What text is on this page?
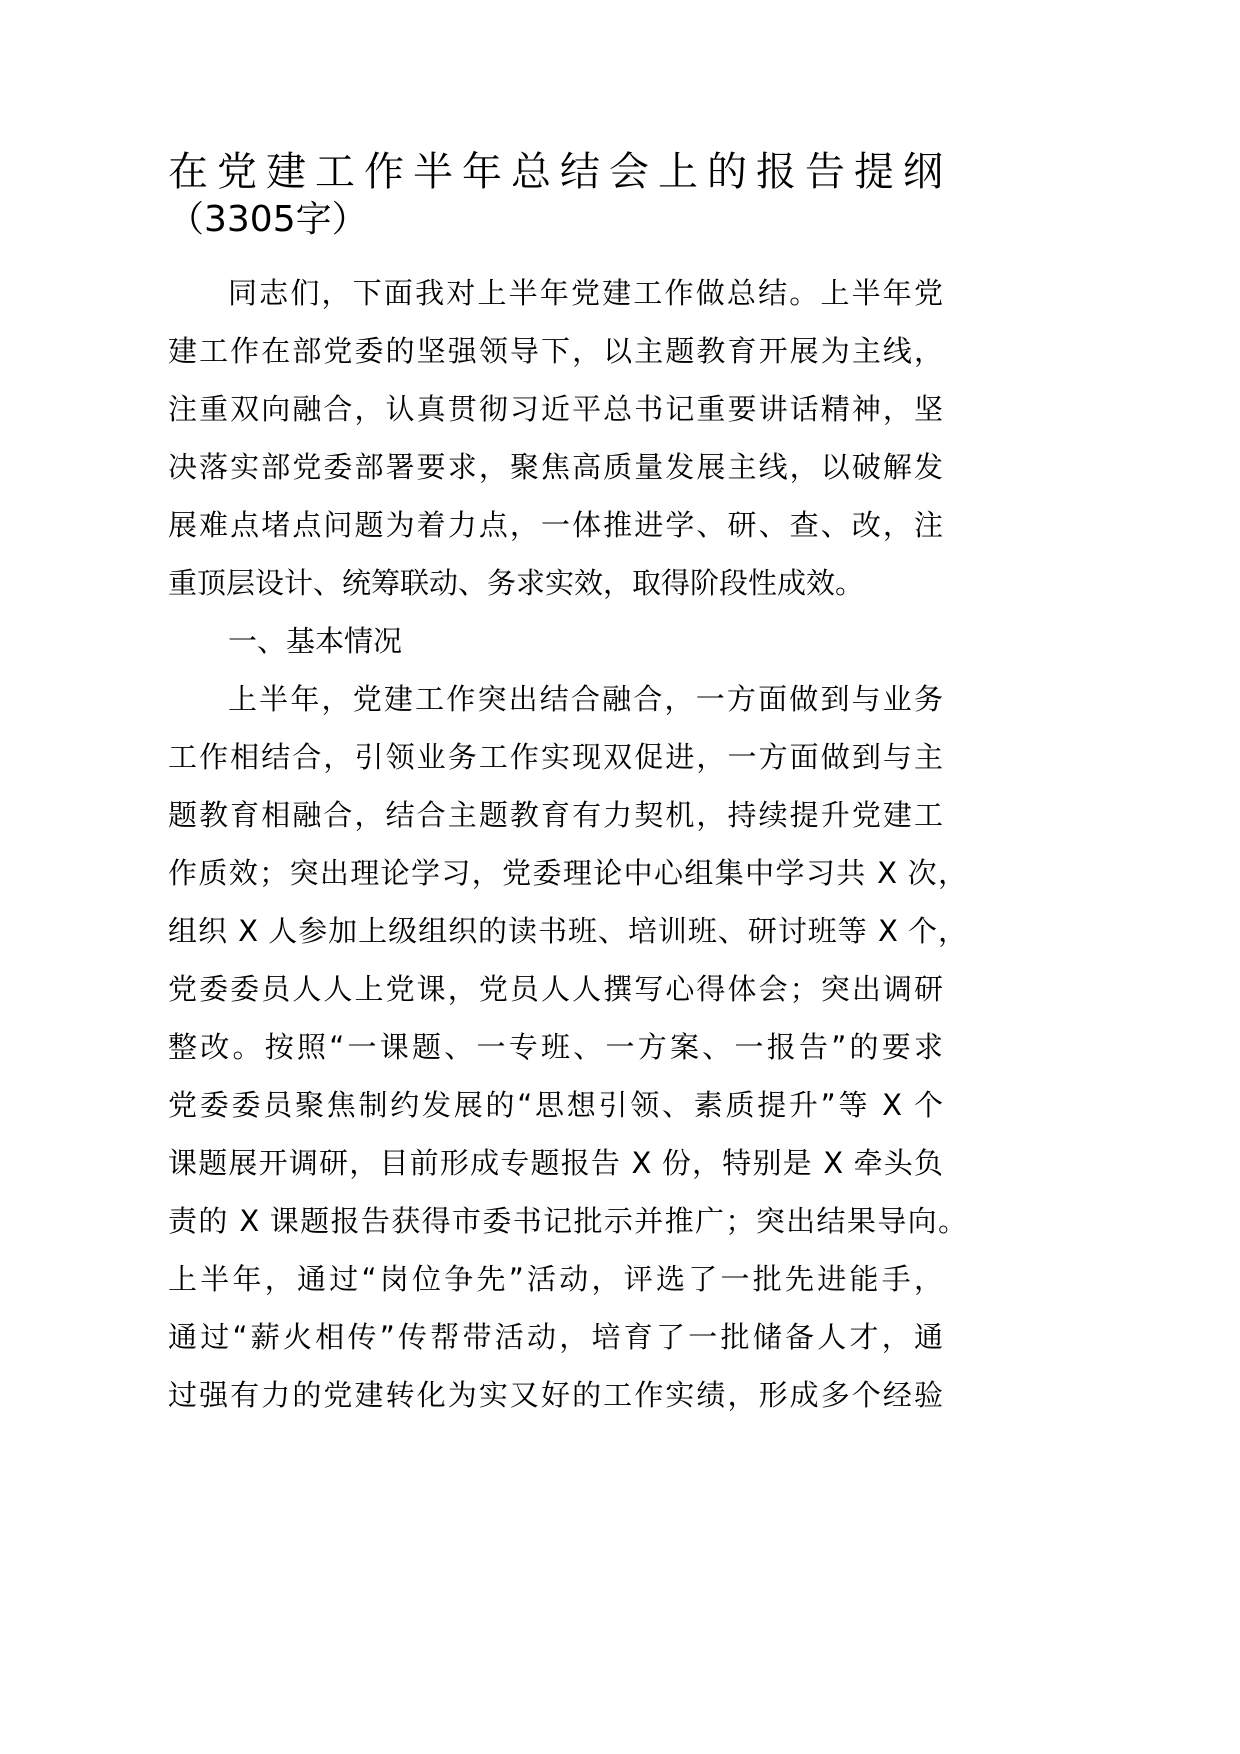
在党建工作半年总结会上的报告提纲
（3305字）
同志们，下面我对上半年党建工作做总结。上半年党
建工作在部党委的坚强领导下，以主题教育开展为主线，
注重双向融合，认真贯彻习近平总书记重要讲话精神，坚
决落实部党委部署要求，聚焦高质量发展主线，以破解发
展难点堵点问题为着力点，一体推进学、研、查、改，注
重顶层设计、统筹联动、务求实效，取得阶段性成效。
一、基本情况
上半年，党建工作突出结合融合，一方面做到与业务
工作相结合，引领业务工作实现双促进，一方面做到与主
题教育相融合，结合主题教育有力契机，持续提升党建工
作质效；突出理论学习，党委理论中心组集中学习共 X 次，
组织 X 人参加上级组织的读书班、培训班、研讨班等 X 个，
党委委员人人上党课，党员人人撰写心得体会；突出调研
整改。按照“一课题、一专班、一方案、一报告”的要求
党委委员聚焦制约发展的“思想引领、素质提升”等 X 个
课题展开调研，目前形成专题报告 X 份，特别是 X 牵头负
责的 X 课题报告获得市委书记批示并推广；突出结果导向。
上半年，通过“岗位争先”活动，评选了一批先进能手，
通过“薪火相传”传帮带活动，培育了一批储备人才，通
过强有力的党建转化为实又好的工作实绩，形成多个经验
